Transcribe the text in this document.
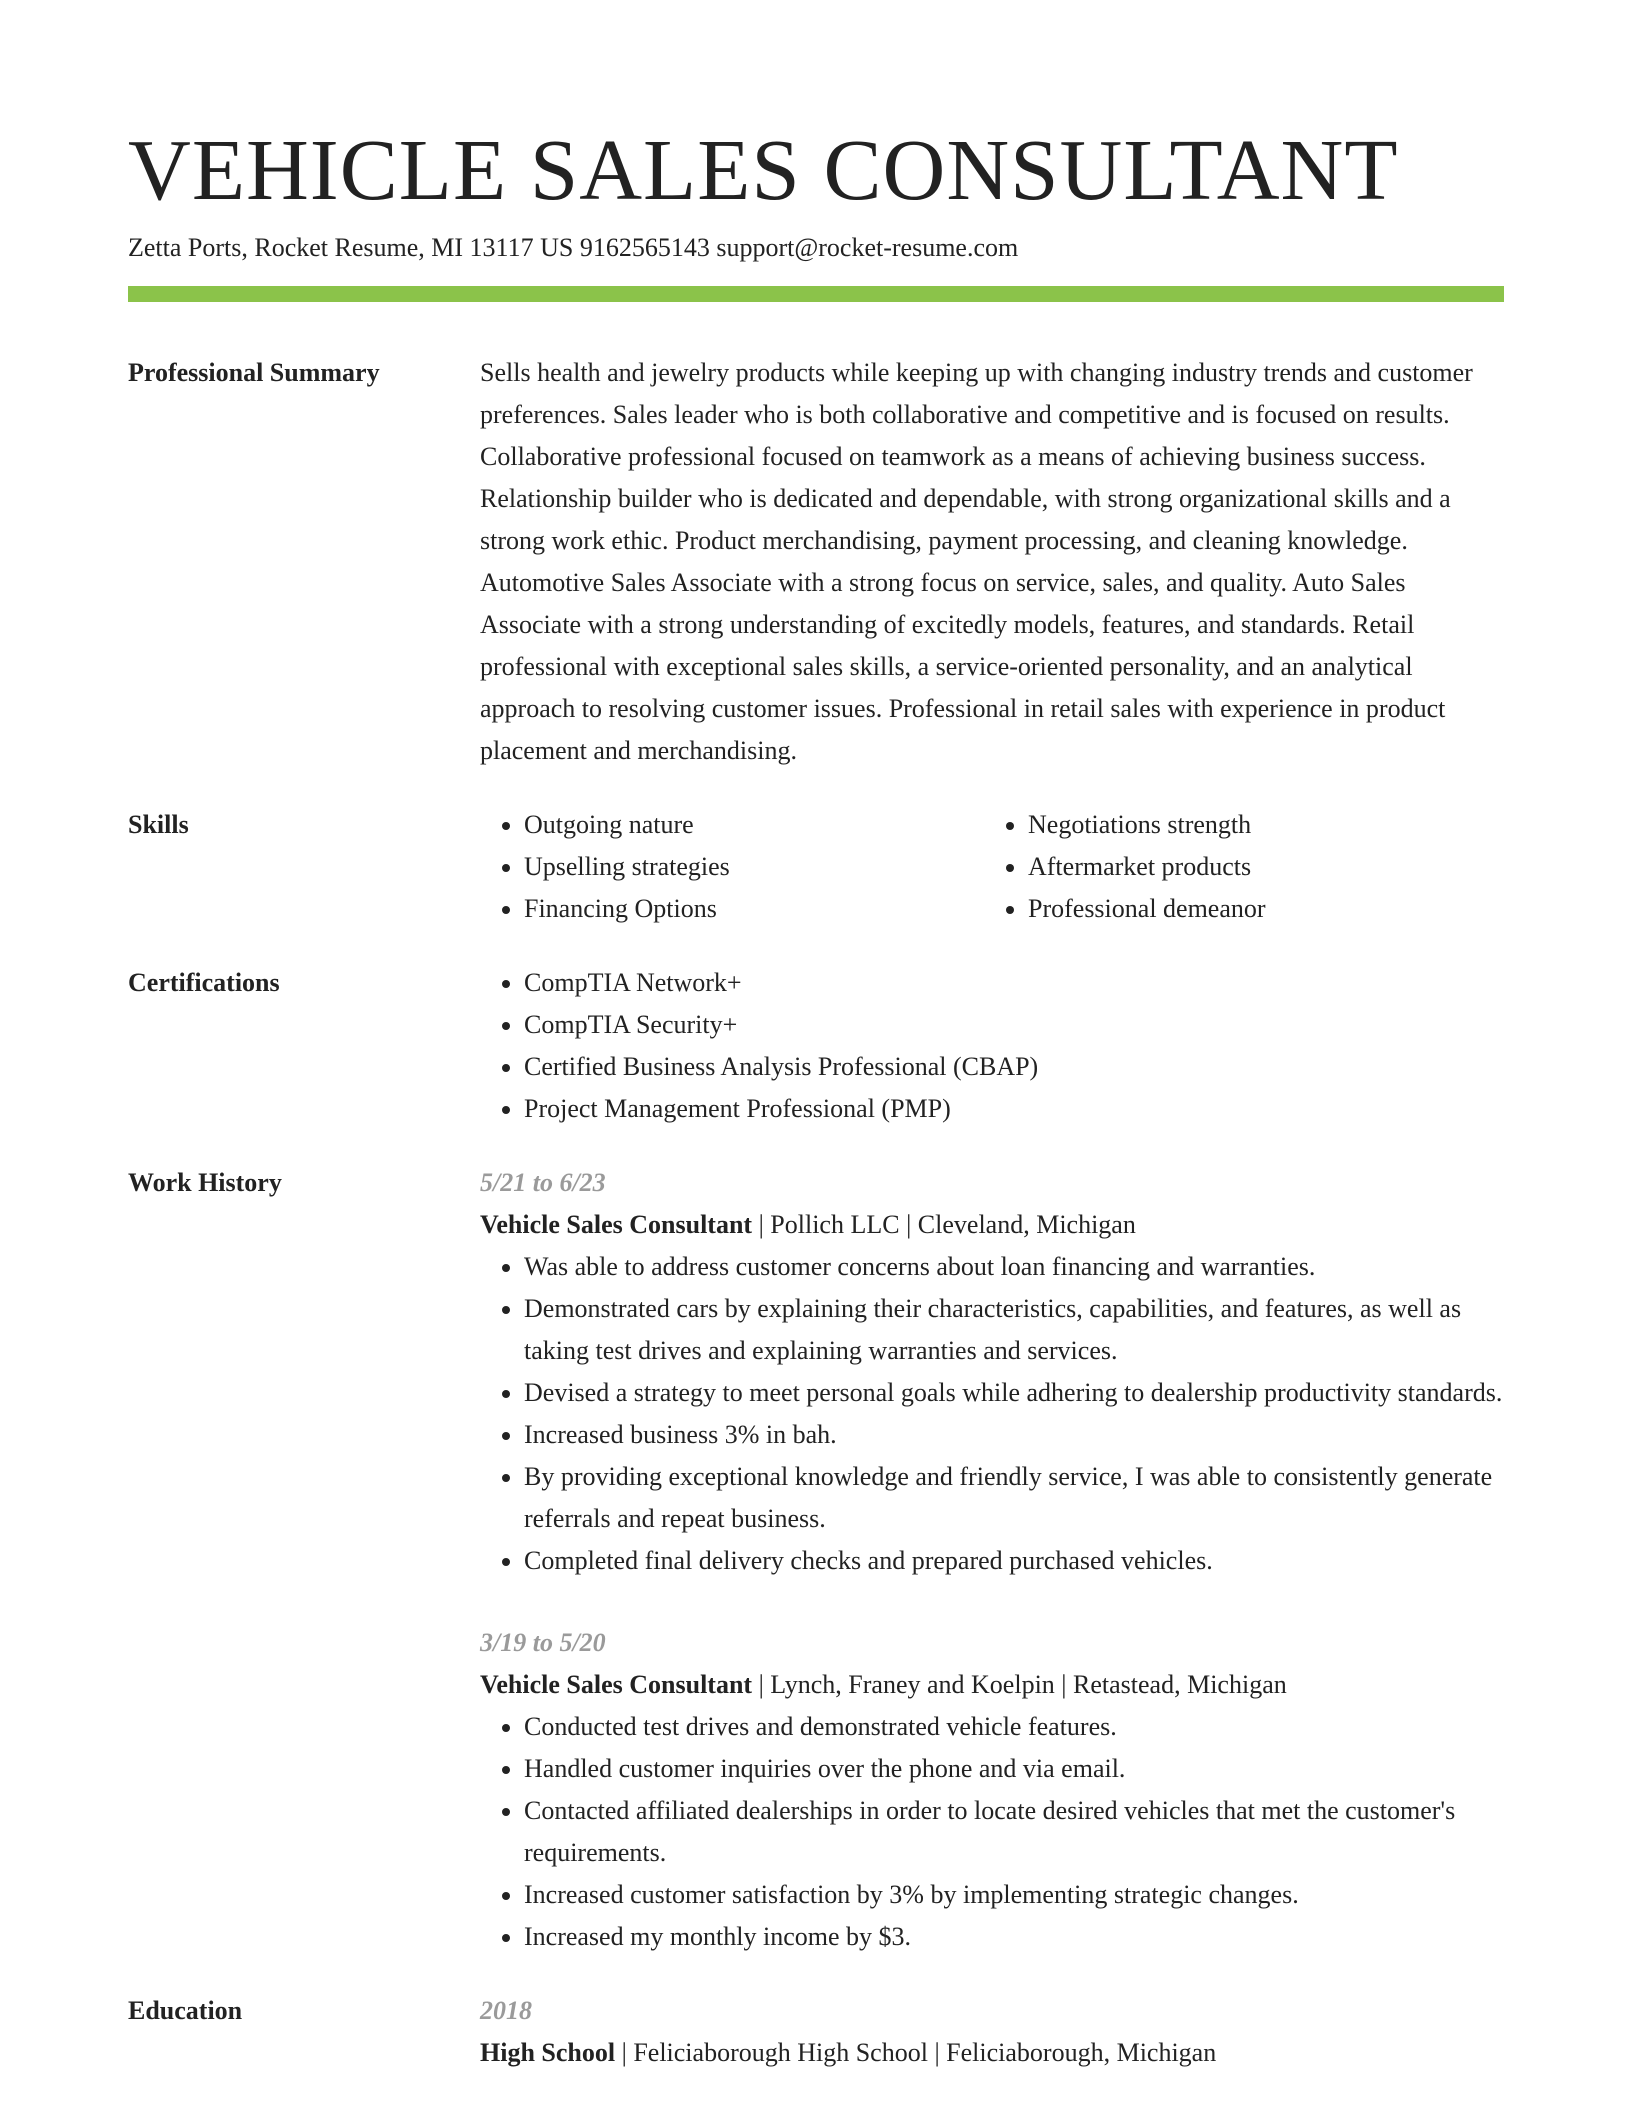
VEHICLE SALES CONSULTANT
Zetta Ports, Rocket Resume, MI 13117 US 9162565143 support@rocket-resume.com
Professional Summary	Sells health and jewelry products while keeping up with changing industry trends and customer preferences. Sales leader who is both collaborative and competitive and is focused on results. Collaborative professional focused on teamwork as a means of achieving business success. Relationship builder who is dedicated and dependable, with strong organizational skills and a strong work ethic. Product merchandising, payment processing, and cleaning knowledge. Automotive Sales Associate with a strong focus on service, sales, and quality. Auto Sales Associate with a strong understanding of excitedly models, features, and standards. Retail professional with exceptional sales skills, a service-oriented personality, and an analytical approach to resolving customer issues. Professional in retail sales with experience in product placement and merchandising.
Skills	• Outgoing nature
• Upselling strategies
• Financing Options
• Negotiations strength
• Aftermarket products
• Professional demeanor
Certifications	• CompTIA Network+
• CompTIA Security+
• Certified Business Analysis Professional (CBAP)
• Project Management Professional (PMP)
Work History	5/21 to 6/23
Vehicle Sales Consultant | Pollich LLC | Cleveland, Michigan
• Was able to address customer concerns about loan financing and warranties.
• Demonstrated cars by explaining their characteristics, capabilities, and features, as well as taking test drives and explaining warranties and services.
• Devised a strategy to meet personal goals while adhering to dealership productivity standards.
• Increased business 3% in bah.
• By providing exceptional knowledge and friendly service, I was able to consistently generate referrals and repeat business.
• Completed final delivery checks and prepared purchased vehicles.
3/19 to 5/20
Vehicle Sales Consultant | Lynch, Franey and Koelpin | Retastead, Michigan
• Conducted test drives and demonstrated vehicle features.
• Handled customer inquiries over the phone and via email.
• Contacted affiliated dealerships in order to locate desired vehicles that met the customer's requirements.
• Increased customer satisfaction by 3% by implementing strategic changes.
• Increased my monthly income by $3.
Education	2018
High School | Feliciaborough High School | Feliciaborough, Michigan
